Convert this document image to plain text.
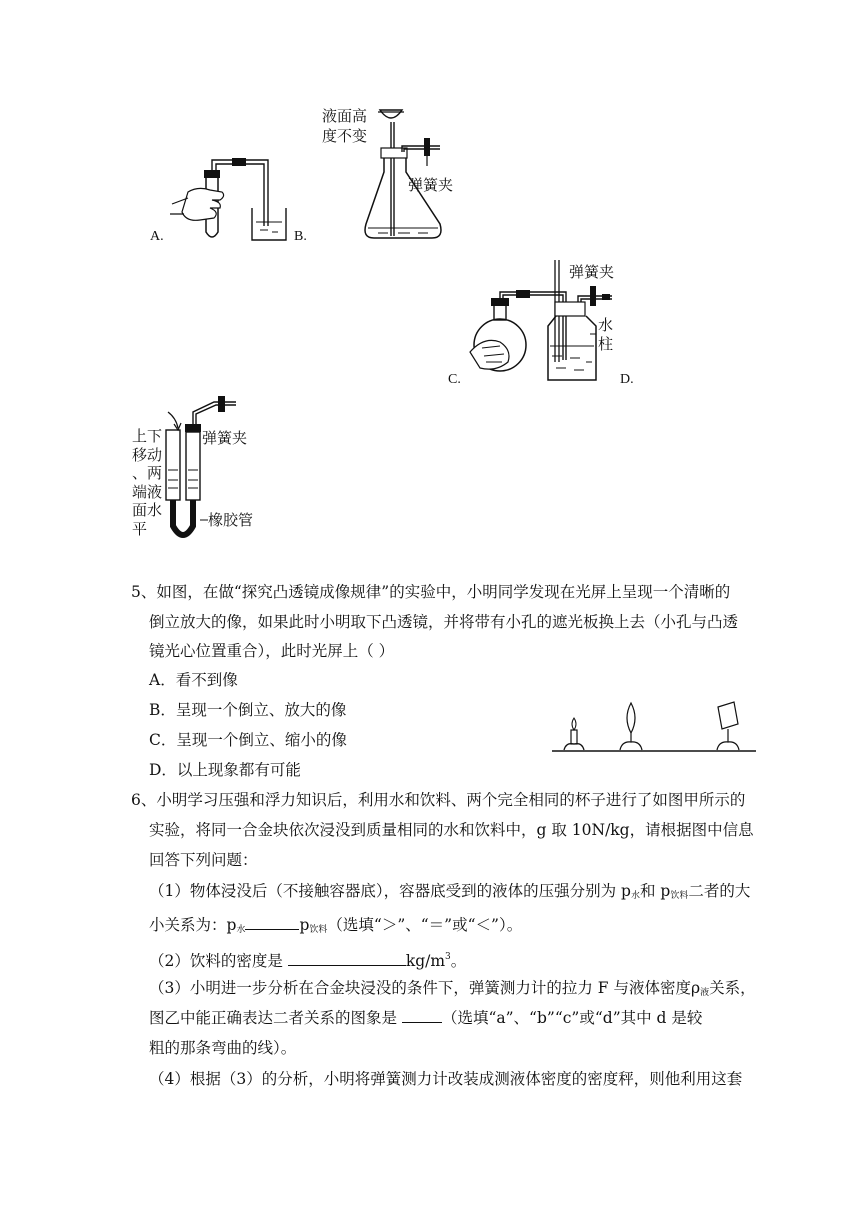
A.
液面高
度不变
弹簧夹
B.
C.
弹簧夹
水
柱
D.
上下
移动
、两
端液
面水
平
弹簧夹
橡胶管
5、如图，在做“探究凸透镜成像规律”的实验中，小明同学发现在光屏上呈现一个清晰的
倒立放大的像，如果此时小明取下凸透镜，并将带有小孔的遮光板换上去（小孔与凸透
镜光心位置重合），此时光屏上（ ）
A．看不到像
B．呈现一个倒立、放大的像
C．呈现一个倒立、缩小的像
D．以上现象都有可能
6、小明学习压强和浮力知识后，利用水和饮料、两个完全相同的杯子进行了如图甲所示的
实验，将同一合金块依次浸没到质量相同的水和饮料中，g 取 10N/kg，请根据图中信息
回答下列问题：
（1）物体浸没后（不接触容器底），容器底受到的液体的压强分别为 $p_水$和 $p_{饮料}$二者的大
小关系为：$p_水$	$p_{饮料}$（选填“＞”、“＝”或“＜”）。
（2）饮料的密度是	$kg/m^3$。
（3）小明进一步分析在合金块浸没的条件下，弹簧测力计的拉力 F 与液体密度$\rho_液$关系，
图乙中能正确表达二者关系的图象是	（选填“a”、“b”“c”或“d”其中 d 是较
粗的那条弯曲的线）。
（4）根据（3）的分析，小明将弹簧测力计改装成测液体密度的密度秤，则他利用这套
